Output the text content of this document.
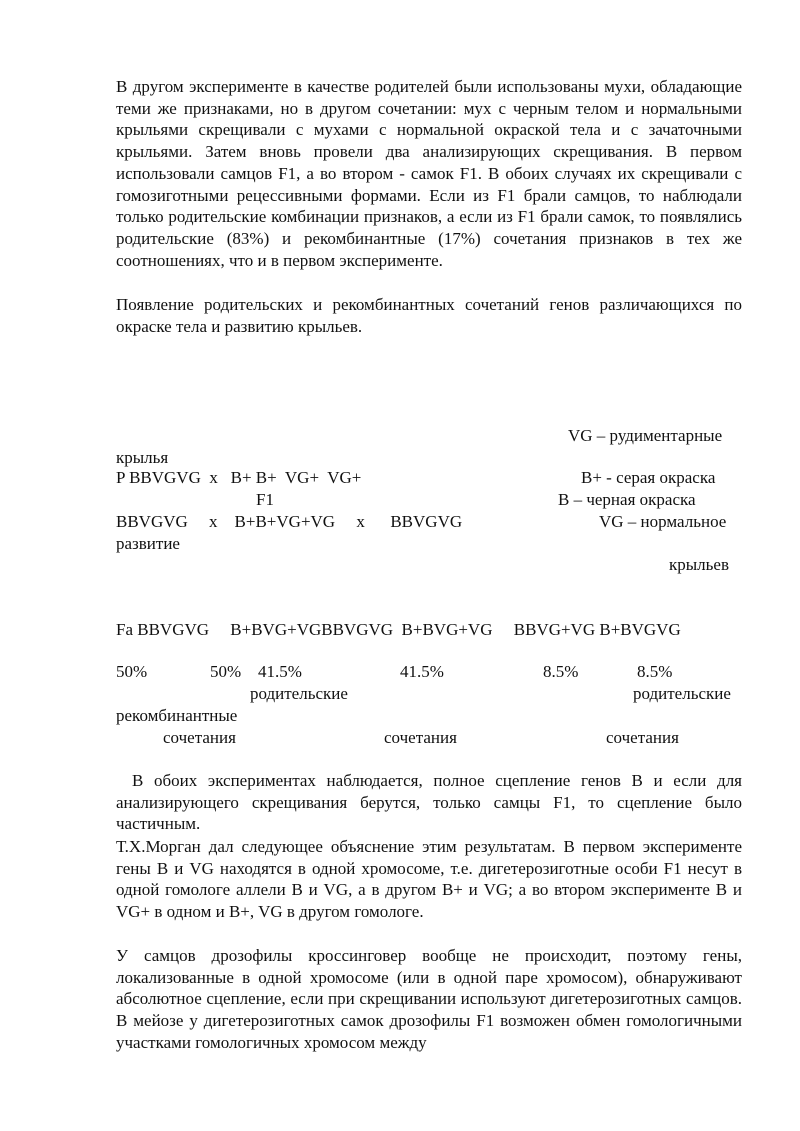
В другом эксперименте в качестве родителей были использованы мухи, обладающие теми же признаками, но в другом сочетании: мух с черным телом и нормальными крыльями скрещивали с мухами с нормальной окраской тела и с зачаточными крыльями. Затем вновь провели два анализирующих скрещивания. В первом использовали самцов F1, а во втором - самок F1. В обоих случаях их скрещивали с гомозиготными рецессивными формами. Если из F1 брали самцов, то наблюдали только родительские комбинации признаков, а если из F1 брали самок, то появлялись родительские (83%) и рекомбинантные (17%) сочетания признаков в тех же соотношениях, что и в первом эксперименте.

Появление родительских и рекомбинантных сочетаний генов различающихся по окраске тела и развитию крыльев.

VG – рудиментарные
крылья
P BBVGVG  x   B+ B+  VG+  VG+	B+ - серая окраска
F1	B – черная окраска
BBVGVG     x    B+B+VG+VG     x      BBVGVG	VG – нормальное
развитие
крыльев
Fa BBVGVG     B+BVG+VGBBVGVG  B+BVG+VG     BBVG+VG B+BVGVG
50%	50% 41.5%	41.5%	8.5%	8.5%
родительские	родительские
рекомбинантные
сочетания	сочетания	сочетания

В обоих экспериментах наблюдается, полное сцепление генов B и если для анализирующего скрещивания берутся, только самцы F1, то сцепление было частичным.

Т.Х.Морган дал следующее объяснение этим результатам. В первом эксперименте гены B и VG находятся в одной хромосоме, т.е. дигетерозиготные особи F1 несут в одной гомологе аллели B и VG, а в другом B+ и VG; а во втором эксперименте B и VG+ в одном и B+, VG в другом гомологе.

У самцов дрозофилы кроссинговер вообще не происходит, поэтому гены, локализованные в одной хромосоме (или в одной паре хромосом), обнаруживают абсолютное сцепление, если при скрещивании используют дигетерозиготных самцов. В мейозе у дигетерозиготных самок дрозофилы F1 возможен обмен гомологичными участками гомологичных хромосом между
